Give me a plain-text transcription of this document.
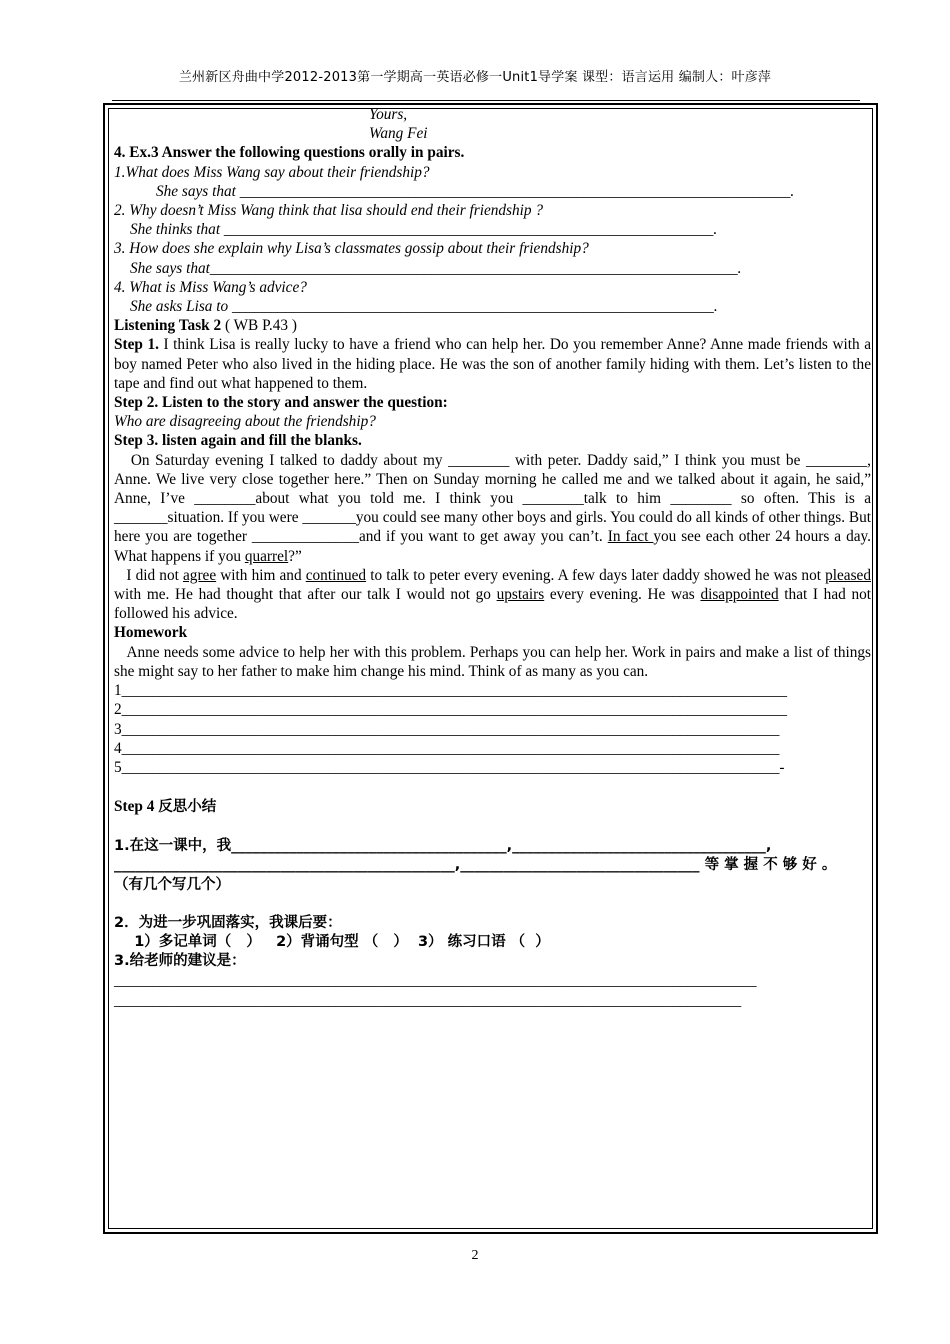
兰州新区舟曲中学2012-2013第一学期高一英语必修一Unit1导学案 课型：语言运用 编制人：叶彦萍
Yours,
Wang Fei
4. Ex.3 Answer the following questions orally in pairs.
1.What does Miss Wang say about their friendship?
She says that ________________________________________________________________________.
2. Why doesn’t Miss Wang think that lisa should end their friendship ?
She thinks that ________________________________________________________________.
3. How does she explain why Lisa’s classmates gossip about their friendship?
She says that_____________________________________________________________________.
4. What is Miss Wang’s advice?
She asks Lisa to _______________________________________________________________.
Listening Task 2 ( WB P.43 )
Step 1. I think Lisa is really lucky to have a friend who can help her. Do you remember Anne? Anne made friends with a boy named Peter who also lived in the hiding place. He was the son of another family hiding with them. Let’s listen to the tape and find out what happened to them.
Step 2. Listen to the story and answer the question:
Who are disagreeing about the friendship?
Step 3. listen again and fill the blanks.
On Saturday evening I talked to daddy about my ________ with peter. Daddy said,” I think you must be ________, Anne. We live very close together here.” Then on Sunday morning he called me and we talked about it again, he said,” Anne, I’ve ________about what you told me. I think you ________talk to him ________ so often. This is a _______situation. If you were _______you could see many other boys and girls. You could do all kinds of other things. But here you are together ______________and if you want to get away you can’t. In fact you see each other 24 hours a day. What happens if you quarrel?”
I did not agree with him and continued to talk to peter every evening. A few days later daddy showed he was not pleased with me. He had thought that after our talk I would not go upstairs every evening. He was disappointed that I had not followed his advice.
Homework
Anne needs some advice to help her with this problem. Perhaps you can help her. Work in pairs and make a list of things she might say to her father to make him change his mind. Think of as many as you can.
1_______________________________________________________________________________________
2_______________________________________________________________________________________
3______________________________________________________________________________________
4______________________________________________________________________________________
5______________________________________________________________________________________-
Step 4 反思小结
1.在这一课中，我______________________________________,___________________________________,
_______________________________________________,_________________________________ 等 掌 握 不 够 好 。
（有几个写几个）
2．为进一步巩固落实，我课后要：
1）多记单词（   ）   2）背诵句型 （   ）  3） 练习口语 （  ）
3.给老师的建议是：
____________________________________________________________________________________
__________________________________________________________________________________
2
